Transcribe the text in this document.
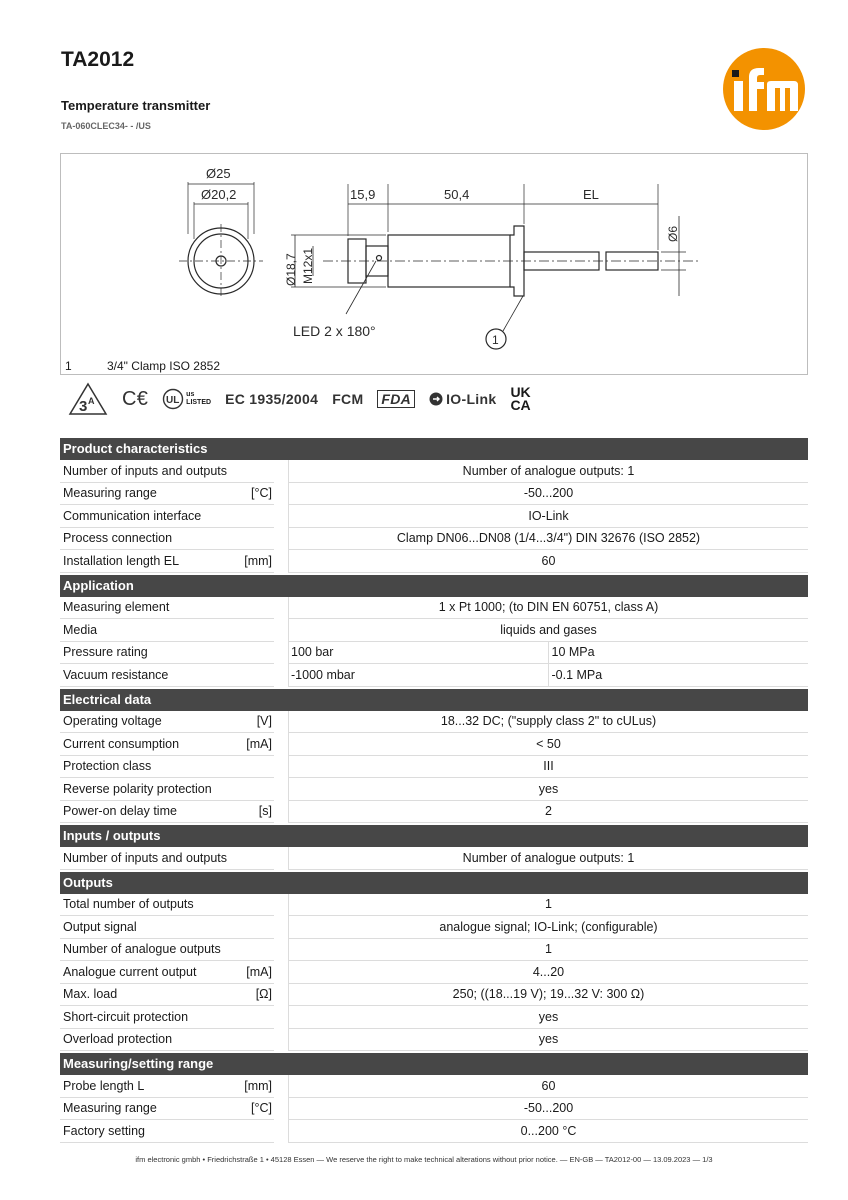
TA2012
Temperature transmitter
TA-060CLEC34- - /US
Ø25
Ø20,2	15,9	50,4	EL
Ø18,7 M12x1
Ø6
LED 2 x 180°
1
1	3/4" Clamp ISO 2852
3 A C€ UL
us
LISTED EC 1935/2004 FCM FDA	IO-Link UK
CA
Product characteristics
Number of inputs and outputs	Number of analogue outputs: 1
Measuring range	[°C]	-50...200
Communication interface	IO-Link
Process connection	Clamp DN06...DN08 (1/4...3/4") DIN 32676 (ISO 2852)
Installation length EL	[mm]	60
Application
Measuring element	1 x Pt 1000; (to DIN EN 60751, class A)
Media	liquids and gases
Pressure rating	100 bar	10 MPa
Vacuum resistance	-1000 mbar	-0.1 MPa
Electrical data
Operating voltage	[V]	18...32 DC; ("supply class 2" to cULus)
Current consumption	[mA]	< 50
Protection class	III
Reverse polarity protection	yes
Power-on delay time	[s]	2
Inputs / outputs
Number of inputs and outputs	Number of analogue outputs: 1
Outputs
Total number of outputs	1
Output signal	analogue signal; IO-Link; (configurable)
Number of analogue outputs	1
Analogue current output	[mA]	4...20
Max. load	[Ω]	250; ((18...19 V); 19...32 V: 300 Ω)
Short-circuit protection	yes
Overload protection	yes
Measuring/setting range
Probe length L	[mm]	60
Measuring range	[°C]	-50...200
Factory setting	0...200 °C
ifm electronic gmbh • Friedrichstraße 1 • 45128 Essen — We reserve the right to make technical alterations without prior notice. — EN-GB — TA2012-00 — 13.09.2023 — 1/3
